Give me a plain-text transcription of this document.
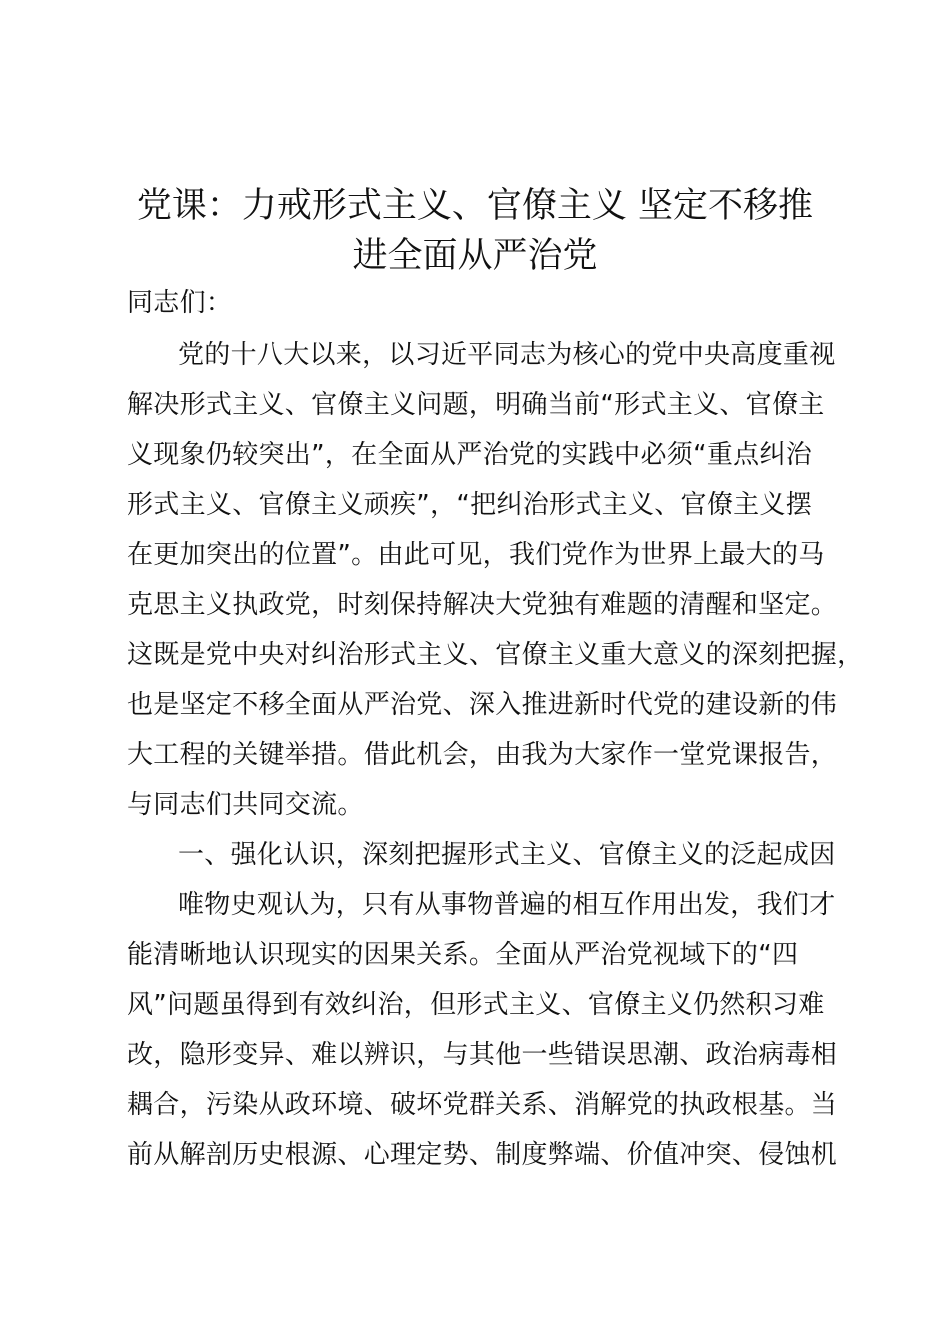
党课：力戒形式主义、官僚主义 坚定不移推
进全面从严治党
同志们：
党的十八大以来，以习近平同志为核心的党中央高度重视
解决形式主义、官僚主义问题，明确当前“形式主义、官僚主
义现象仍较突出”，在全面从严治党的实践中必须“重点纠治
形式主义、官僚主义顽疾”，“把纠治形式主义、官僚主义摆
在更加突出的位置”。由此可见，我们党作为世界上最大的马
克思主义执政党，时刻保持解决大党独有难题的清醒和坚定。
这既是党中央对纠治形式主义、官僚主义重大意义的深刻把握，
也是坚定不移全面从严治党、深入推进新时代党的建设新的伟
大工程的关键举措。借此机会，由我为大家作一堂党课报告，
与同志们共同交流。
一、强化认识，深刻把握形式主义、官僚主义的泛起成因
唯物史观认为，只有从事物普遍的相互作用出发，我们才
能清晰地认识现实的因果关系。全面从严治党视域下的“四
风”问题虽得到有效纠治，但形式主义、官僚主义仍然积习难
改，隐形变异、难以辨识，与其他一些错误思潮、政治病毒相
耦合，污染从政环境、破坏党群关系、消解党的执政根基。当
前从解剖历史根源、心理定势、制度弊端、价值冲突、侵蚀机
